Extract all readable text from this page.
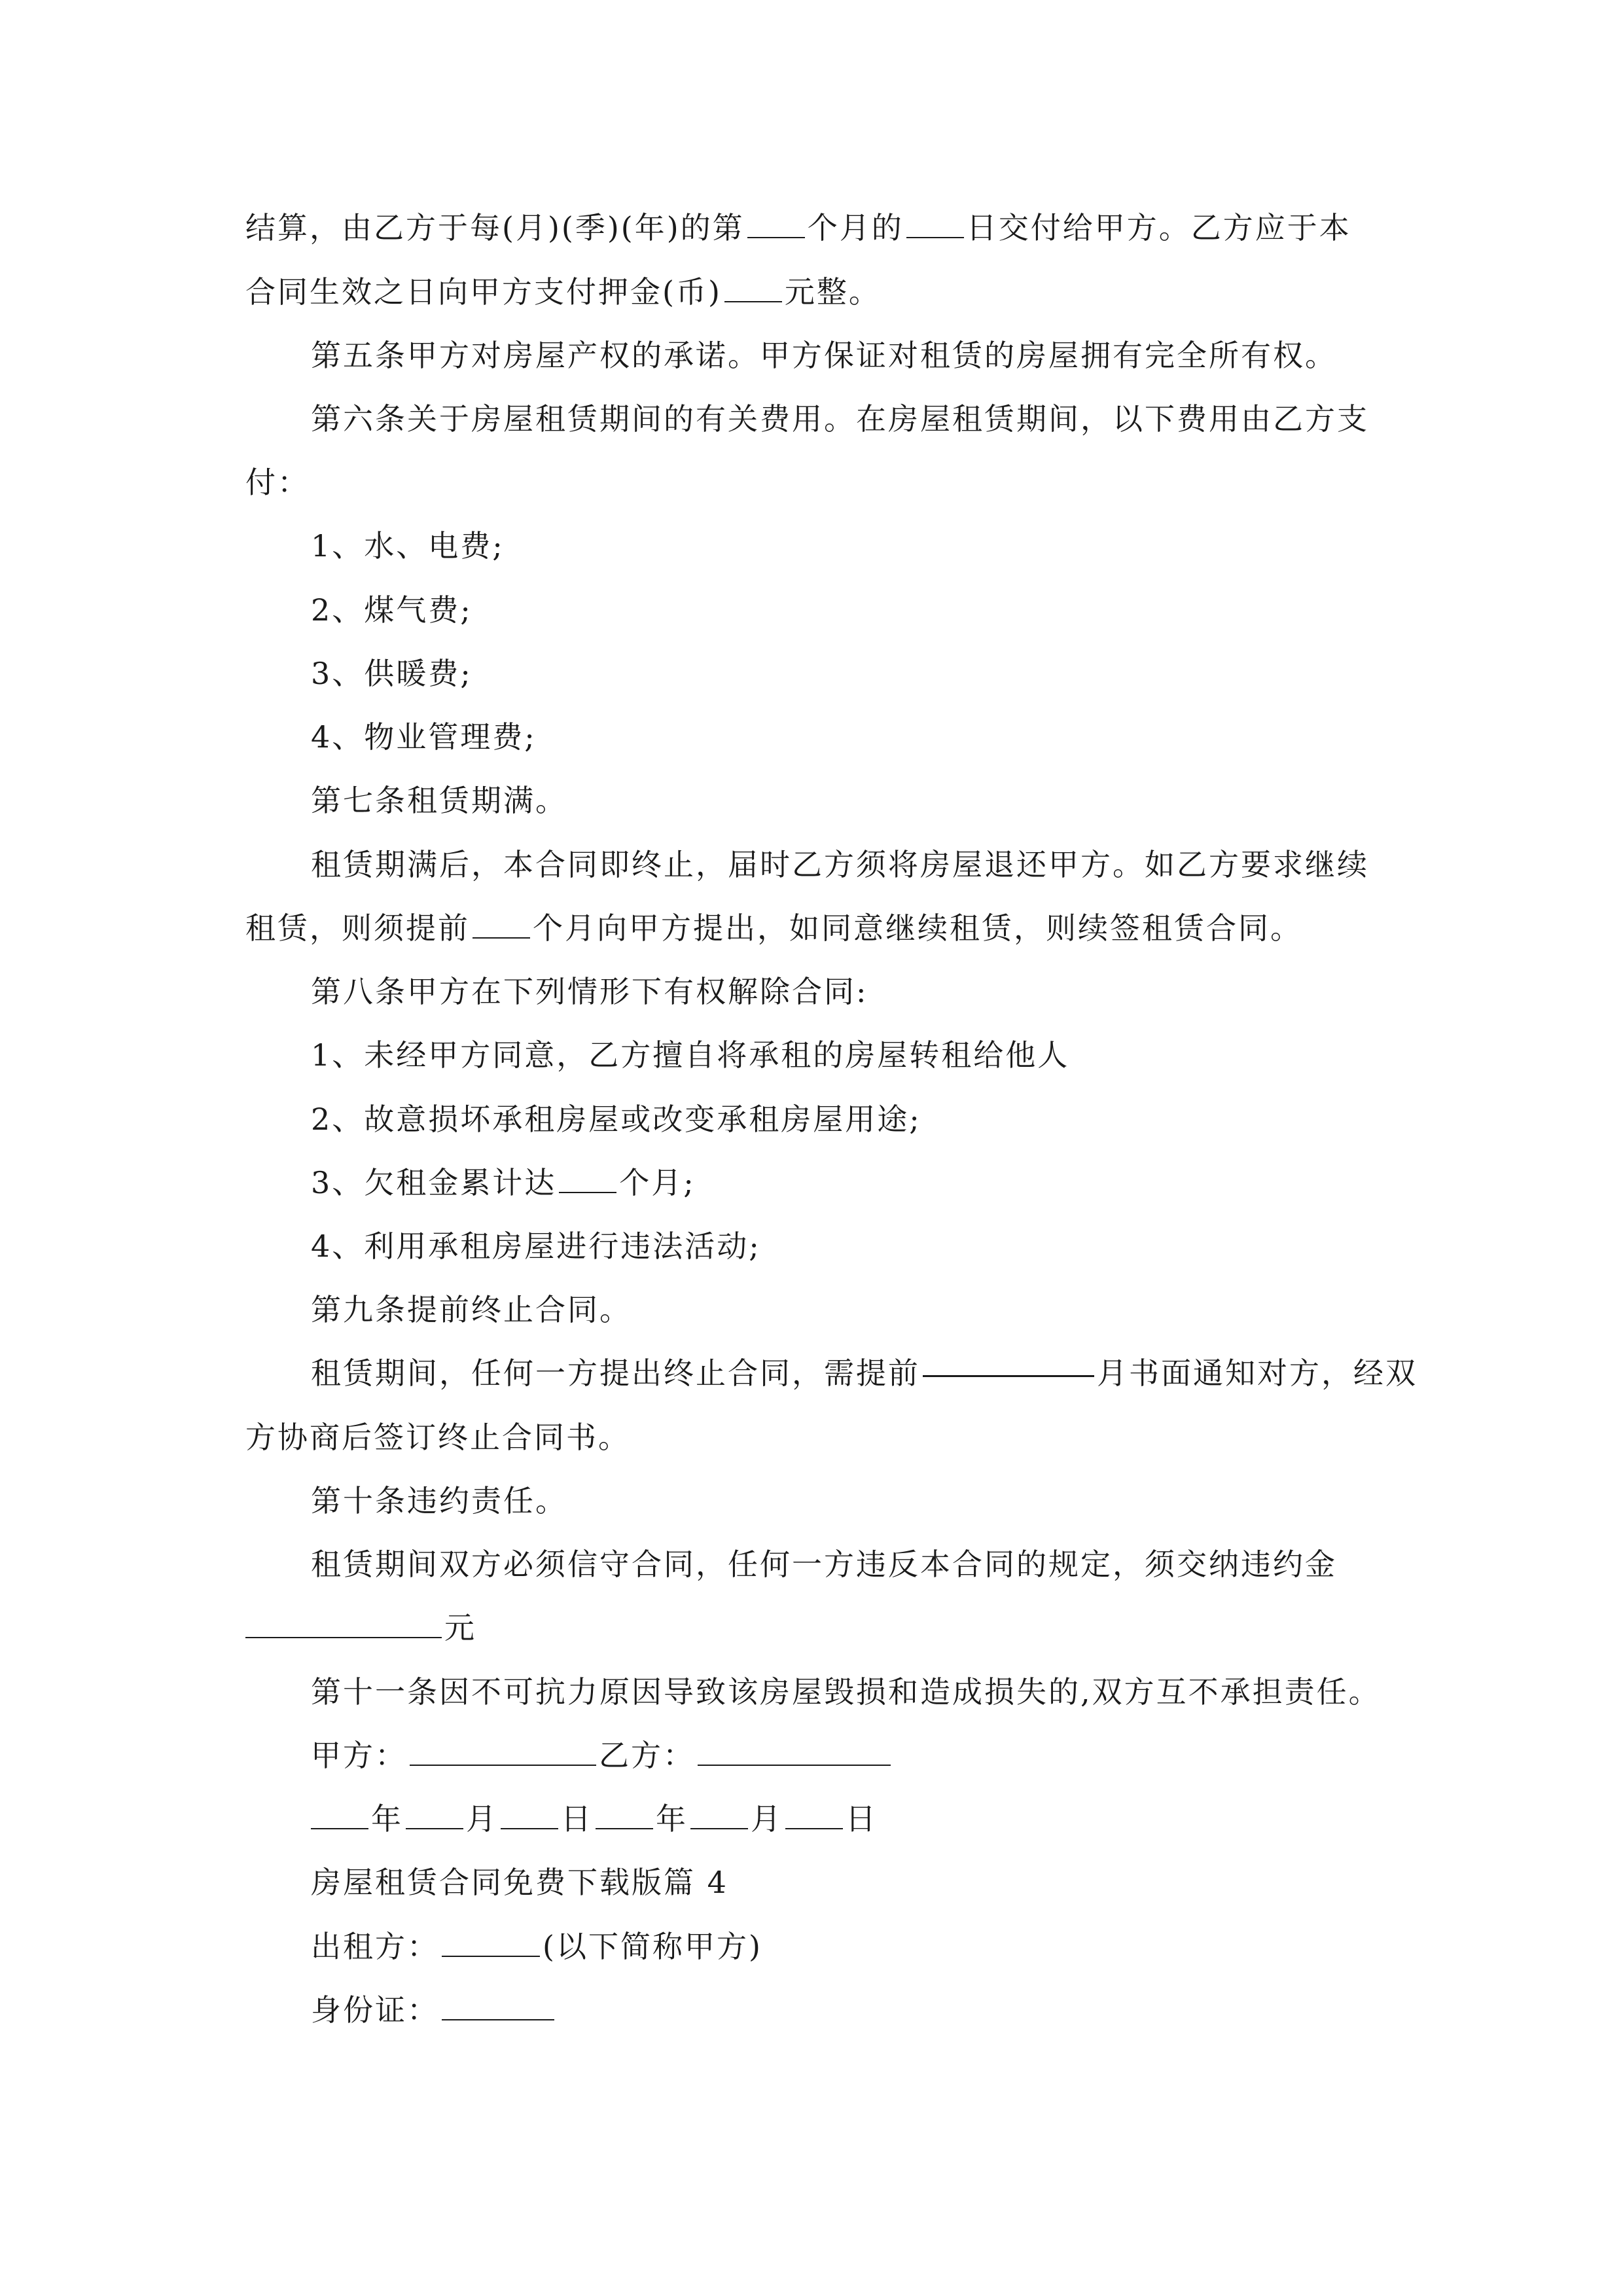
结算，由乙方于每(月)(季)(年)的第 个月的 日交付给甲方。乙方应于本
合同生效之日向甲方支付押金(币) 元整。
第五条甲方对房屋产权的承诺。甲方保证对租赁的房屋拥有完全所有权。
第六条关于房屋租赁期间的有关费用。在房屋租赁期间，以下费用由乙方支
付：
1、水、电费;
2、煤气费;
3、供暖费;
4、物业管理费;
第七条租赁期满。
租赁期满后，本合同即终止，届时乙方须将房屋退还甲方。如乙方要求继续
租赁，则须提前 个月向甲方提出，如同意继续租赁，则续签租赁合同。
第八条甲方在下列情形下有权解除合同:
1、未经甲方同意，乙方擅自将承租的房屋转租给他人
2、故意损坏承租房屋或改变承租房屋用途;
3、欠租金累计达 个月;
4、利用承租房屋进行违法活动;
第九条提前终止合同。
租赁期间，任何一方提出终止合同，需提前	月书面通知对方，经双
方协商后签订终止合同书。
第十条违约责任。
租赁期间双方必须信守合同，任何一方违反本合同的规定，须交纳违约金
元
第十一条因不可抗力原因导致该房屋毁损和造成损失的,双方互不承担责任。
甲方：	乙方：
年 月 日 年 月 日
房屋租赁合同免费下载版篇 4
出租方：	(以下简称甲方)
身份证：
